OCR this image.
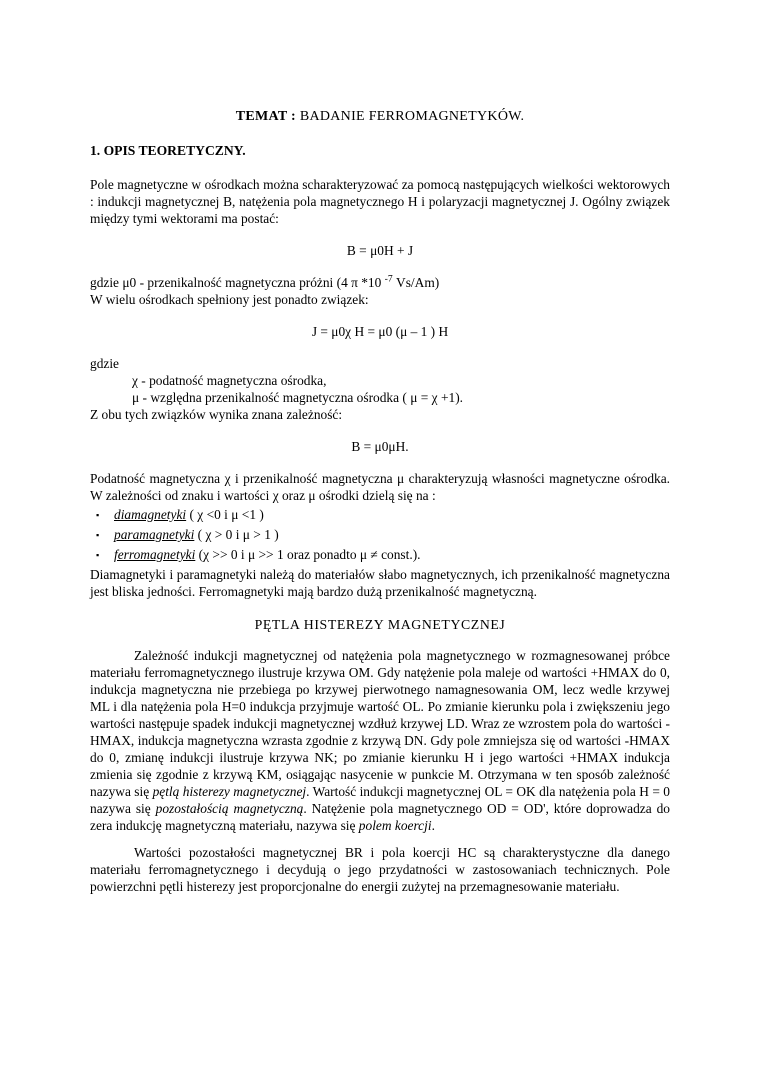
TEMAT : BADANIE FERROMAGNETYKÓW.
1. OPIS TEORETYCZNY.

Pole magnetyczne w ośrodkach można scharakteryzować za pomocą następujących wielkości wektorowych : indukcji magnetycznej B, natężenia pola magnetycznego H i polaryzacji magnetycznej J. Ogólny związek między tymi wektorami ma postać:

B = μ0H + J

gdzie μ0 - przenikalność magnetyczna próżni (4 π *10 $^{-7}$ Vs/Am)

W wielu ośrodkach spełniony jest ponadto związek:

J = μ0χ H = μ0 (μ – 1 ) H

gdzie

χ - podatność magnetyczna ośrodka,

μ - względna przenikalność magnetyczna ośrodka ( μ = χ +1).

Z obu tych związków wynika znana zależność:

B = μ0μH.

Podatność magnetyczna χ i przenikalność magnetyczna μ charakteryzują własności magnetyczne ośrodka. W zależności od znaku i wartości χ oraz μ ośrodki dzielą się na :

▪	diamagnetyki ( χ <0 i μ <1 )
▪	paramagnetyki ( χ > 0 i μ > 1 )
▪	ferromagnetyki (χ >> 0 i μ >> 1 oraz ponadto μ ≠ const.).

Diamagnetyki i paramagnetyki należą do materiałów słabo magnetycznych, ich przenikalność magnetyczna jest bliska jedności. Ferromagnetyki mają bardzo dużą przenikalność magnetyczną.

PĘTLA HISTEREZY MAGNETYCZNEJ

Zależność indukcji magnetycznej od natężenia pola magnetycznego w rozmagnesowanej próbce materiału ferromagnetycznego ilustruje krzywa OM. Gdy natężenie pola maleje od wartości +HMAX do 0, indukcja magnetyczna nie przebiega po krzywej pierwotnego namagnesowania OM, lecz wedle krzywej ML i dla natężenia pola H=0 indukcja przyjmuje wartość OL. Po zmianie kierunku pola i zwiększeniu jego wartości następuje spadek indukcji magnetycznej wzdłuż krzywej LD. Wraz ze wzrostem pola do wartości -HMAX, indukcja magnetyczna wzrasta zgodnie z krzywą DN. Gdy pole zmniejsza się od wartości -HMAX do 0, zmianę indukcji ilustruje krzywa NK; po zmianie kierunku H i jego wartości +HMAX indukcja zmienia się zgodnie z krzywą KM, osiągając nasycenie w punkcie M. Otrzymana w ten sposób zależność nazywa się pętlą histerezy magnetycznej. Wartość indukcji magnetycznej OL = OK dla natężenia pola H = 0 nazywa się pozostałością magnetyczną. Natężenie pola magnetycznego OD = OD', które doprowadza do zera indukcję magnetyczną materiału, nazywa się polem koercji.

Wartości pozostałości magnetycznej BR i pola koercji HC są charakterystyczne dla danego materiału ferromagnetycznego i decydują o jego przydatności w zastosowaniach technicznych. Pole powierzchni pętli histerezy jest proporcjonalne do energii zużytej na przemagnesowanie materiału.
